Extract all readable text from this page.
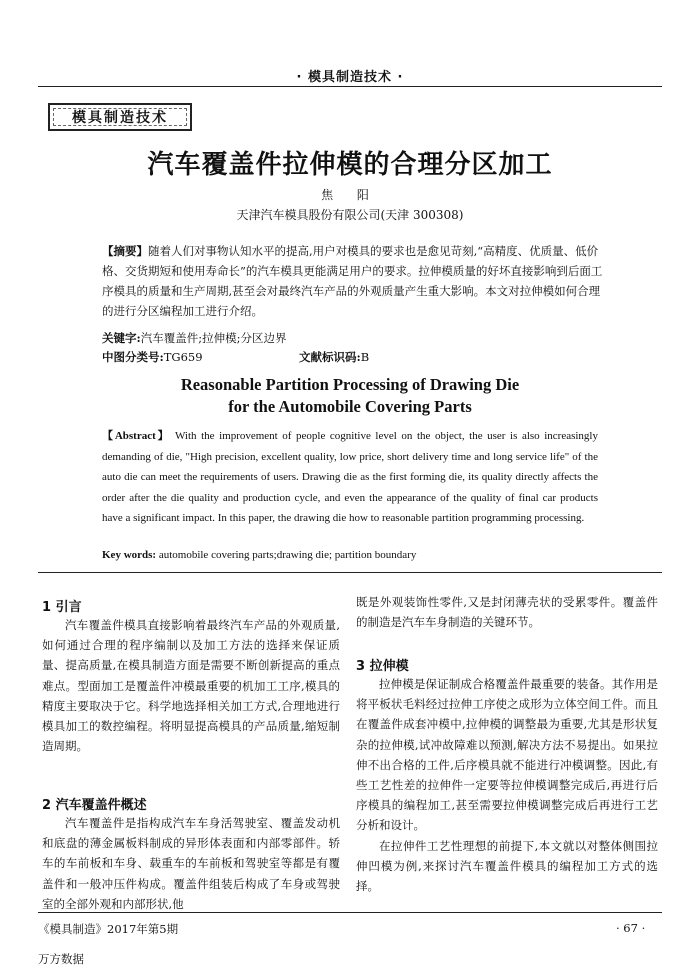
· 模具制造技术 ·
模具制造技术
汽车覆盖件拉伸模的合理分区加工
焦 阳
天津汽车模具股份有限公司(天津 300308)
【摘要】随着人们对事物认知水平的提高,用户对模具的要求也是愈见苛刻,“高精度、优质量、低价格、交货期短和使用寿命长”的汽车模具更能满足用户的要求。拉伸模质量的好坏直接影响到后面工序模具的质量和生产周期,甚至会对最终汽车产品的外观质量产生重大影响。本文对拉伸模如何合理的进行分区编程加工进行介绍。
关键字:汽车覆盖件;拉伸模;分区边界
中图分类号:TG659	文献标识码:B
Reasonable Partition Processing of Drawing Die
for the Automobile Covering Parts
【Abstract】 With the improvement of people cognitive level on the object, the user is also increasingly demanding of die, "High precision, excellent quality, low price, short delivery time and long service life" of the auto die can meet the requirements of users. Drawing die as the first forming die, its quality directly affects the order after the die quality and production cycle, and even the appearance of the quality of final car products have a significant impact. In this paper, the drawing die how to reasonable partition programming processing.
Key words: automobile covering parts;drawing die; partition boundary
1 引言

汽车覆盖件模具直接影响着最终汽车产品的外观质量,如何通过合理的程序编制以及加工方法的选择来保证质量、提高质量,在模具制造方面是需要不断创新提高的重点难点。型面加工是覆盖件冲模最重要的机加工工序,模具的精度主要取决于它。科学地选择相关加工方式,合理地进行模具加工的数控编程。将明显提高模具的产品质量,缩短制造周期。

2 汽车覆盖件概述

汽车覆盖件是指构成汽车车身活驾驶室、覆盖发动机和底盘的薄金属板料制成的异形体表面和内部零部件。轿车的车前板和车身、载重车的车前板和驾驶室等都是有覆盖件和一般冲压件构成。覆盖件组装后构成了车身或驾驶室的全部外观和内部形状,他

既是外观装饰性零件,又是封闭薄壳状的受累零件。覆盖件的制造是汽车车身制造的关键环节。

3 拉伸模

拉伸模是保证制成合格覆盖件最重要的装备。其作用是将平板状毛料经过拉伸工序使之成形为立体空间工件。而且在覆盖件成套冲模中,拉伸模的调整最为重要,尤其是形状复杂的拉伸模,试冲故障难以预测,解决方法不易提出。如果拉伸不出合格的工件,后序模具就不能进行冲模调整。因此,有些工艺性差的拉伸件一定要等拉伸模调整完成后,再进行后序模具的编程加工,甚至需要拉伸模调整完成后再进行工艺分析和设计。

在拉伸件工艺性理想的前提下,本文就以对整体侧围拉伸凹模为例,来探讨汽车覆盖件模具的编程加工方式的选择。

《模具制造》2017年第5期	· 67 ·
万方数据
